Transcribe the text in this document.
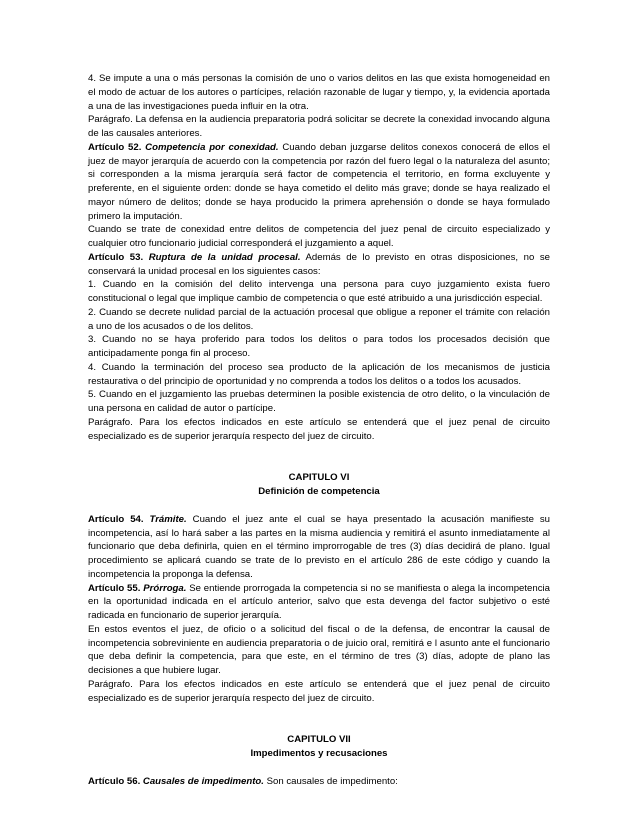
4. Se impute a una o más personas la comisión de uno o varios delitos en las que exista homogeneidad en el modo de actuar de los autores o partícipes, relación razonable de lugar y tiempo, y, la evidencia aportada a una de las investigaciones pueda influir en la otra.

Parágrafo. La defensa en la audiencia preparatoria podrá solicitar se decrete la conexidad invocando alguna de las causales anteriores.

Artículo 52. Competencia por conexidad. Cuando deban juzgarse delitos conexos conocerá de ellos el juez de mayor jerarquía de acuerdo con la competencia por razón del fuero legal o la naturaleza del asunto; si corresponden a la misma jerarquía será factor de competencia el territorio, en forma excluyente y preferente, en el siguiente orden: donde se haya cometido el delito más grave; donde se haya realizado el mayor número de delitos; donde se haya producido la primera aprehensión o donde se haya formulado primero la imputación.

Cuando se trate de conexidad entre delitos de competencia del juez penal de circuito especializado y cualquier otro funcionario judicial corresponderá el juzgamiento a aquel.

Artículo 53. Ruptura de la unidad procesal. Además de lo previsto en otras disposiciones, no se conservará la unidad procesal en los siguientes casos:

1. Cuando en la comisión del delito intervenga una persona para cuyo juzgamiento exista fuero constitucional o legal que implique cambio de competencia o que esté atribuido a una jurisdicción especial.

2. Cuando se decrete nulidad parcial de la actuación procesal que obligue a reponer el trámite con relación a uno de los acusados o de los delitos.

3. Cuando no se haya proferido para todos los delitos o para todos los procesados decisión que anticipadamente ponga fin al proceso.

4. Cuando la terminación del proceso sea producto de la aplicación de los mecanismos de justicia restaurativa o del principio de oportunidad y no comprenda a todos los delitos o a todos los acusados.

5. Cuando en el juzgamiento las pruebas determinen la posible existencia de otro delito, o la vinculación de una persona en calidad de autor o partícipe.

Parágrafo. Para los efectos indicados en este artículo se entenderá que el juez penal de circuito especializado es de superior jerarquía respecto del juez de circuito.

CAPITULO VI

Definición de competencia

Artículo 54. Trámite. Cuando el juez ante el cual se haya presentado la acusación manifieste su incompetencia, así lo hará saber a las partes en la misma audiencia y remitirá el asunto inmediatamente al funcionario que deba definirla, quien en el término improrrogable de tres (3) días decidirá de plano. Igual procedimiento se aplicará cuando se trate de lo previsto en el artículo 286 de este código y cuando la incompetencia la proponga la defensa.

Artículo 55. Prórroga. Se entiende prorrogada la competencia si no se manifiesta o alega la incompetencia en la oportunidad indicada en el artículo anterior, salvo que esta devenga del factor subjetivo o esté radicada en funcionario de superior jerarquía.

En estos eventos el juez, de oficio o a solicitud del fiscal o de la defensa, de encontrar la causal de incompetencia sobreviniente en audiencia preparatoria o de juicio oral, remitirá e l asunto ante el funcionario que deba definir la competencia, para que este, en el término de tres (3) días, adopte de plano las decisiones a que hubiere lugar.

Parágrafo. Para los efectos indicados en este artículo se entenderá que el juez penal de circuito especializado es de superior jerarquía respecto del juez de circuito.

CAPITULO VII

Impedimentos y recusaciones

Artículo 56. Causales de impedimento. Son causales de impedimento:
